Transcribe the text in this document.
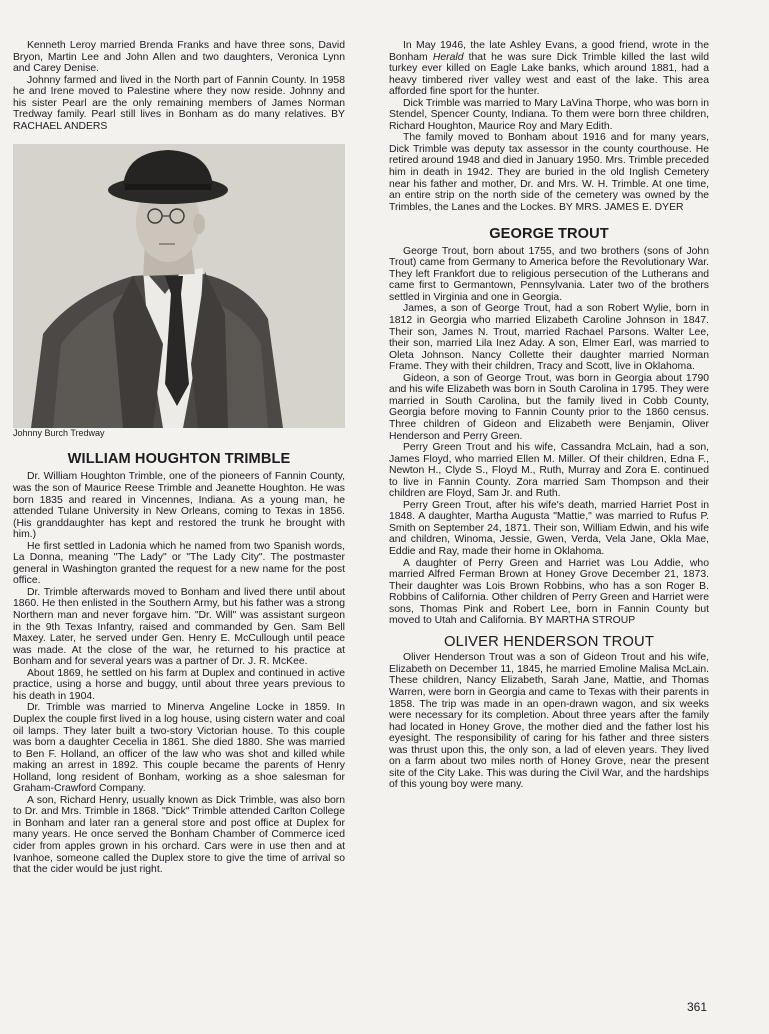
Kenneth Leroy married Brenda Franks and have three sons, David Bryon, Martin Lee and John Allen and two daughters, Veronica Lynn and Carey Denise.

Johnny farmed and lived in the North part of Fannin County. In 1958 he and Irene moved to Palestine where they now reside. Johnny and his sister Pearl are the only remaining members of James Norman Tredway family. Pearl still lives in Bonham as do many relatives. BY RACHAEL ANDERS

Johnny Burch Tredway

WILLIAM HOUGHTON TRIMBLE

Dr. William Houghton Trimble, one of the pioneers of Fannin County, was the son of Maurice Reese Trimble and Jeanette Houghton. He was born 1835 and reared in Vincennes, Indiana. As a young man, he attended Tulane University in New Orleans, coming to Texas in 1856. (His granddaughter has kept and restored the trunk he brought with him.)

He first settled in Ladonia which he named from two Spanish words, La Donna, meaning "The Lady" or "The Lady City". The postmaster general in Washington granted the request for a new name for the post office.

Dr. Trimble afterwards moved to Bonham and lived there until about 1860. He then enlisted in the Southern Army, but his father was a strong Northern man and never forgave him. "Dr. Will" was assistant surgeon in the 9th Texas Infantry, raised and commanded by Gen. Sam Bell Maxey. Later, he served under Gen. Henry E. McCullough until peace was made. At the close of the war, he returned to his practice at Bonham and for several years was a partner of Dr. J. R. McKee.

About 1869, he settled on his farm at Duplex and continued in active practice, using a horse and buggy, until about three years previous to his death in 1904.

Dr. Trimble was married to Minerva Angeline Locke in 1859. In Duplex the couple first lived in a log house, using cistern water and coal oil lamps. They later built a two-story Victorian house. To this couple was born a daughter Cecelia in 1861. She died 1880. She was married to Ben F. Holland, an officer of the law who was shot and killed while making an arrest in 1892. This couple became the parents of Henry Holland, long resident of Bonham, working as a shoe salesman for Graham-Crawford Company.

A son, Richard Henry, usually known as Dick Trimble, was also born to Dr. and Mrs. Trimble in 1868. "Dick" Trimble attended Carlton College in Bonham and later ran a general store and post office at Duplex for many years. He once served the Bonham Chamber of Commerce iced cider from apples grown in his orchard. Cars were in use then and at Ivanhoe, someone called the Duplex store to give the time of arrival so that the cider would be just right.

In May 1946, the late Ashley Evans, a good friend, wrote in the Bonham Herald that he was sure Dick Trimble killed the last wild turkey ever killed on Eagle Lake banks, which around 1881, had a heavy timbered river valley west and east of the lake. This area afforded fine sport for the hunter.

Dick Trimble was married to Mary LaVina Thorpe, who was born in Stendel, Spencer County, Indiana. To them were born three children, Richard Houghton, Maurice Roy and Mary Edith.

The family moved to Bonham about 1916 and for many years, Dick Trimble was deputy tax assessor in the county courthouse. He retired around 1948 and died in January 1950. Mrs. Trimble preceded him in death in 1942. They are buried in the old Inglish Cemetery near his father and mother, Dr. and Mrs. W. H. Trimble. At one time, an entire strip on the north side of the cemetery was owned by the Trimbles, the Lanes and the Lockes. BY MRS. JAMES E. DYER

GEORGE TROUT

George Trout, born about 1755, and two brothers (sons of John Trout) came from Germany to America before the Revolutionary War. They left Frankfort due to religious persecution of the Lutherans and came first to Germantown, Pennsylvania. Later two of the brothers settled in Virginia and one in Georgia.

James, a son of George Trout, had a son Robert Wylie, born in 1812 in Georgia who married Elizabeth Caroline Johnson in 1847. Their son, James N. Trout, married Rachael Parsons. Walter Lee, their son, married Lila Inez Aday. A son, Elmer Earl, was married to Oleta Johnson. Nancy Collette their daughter married Norman Frame. They with their children, Tracy and Scott, live in Oklahoma.

Gideon, a son of George Trout, was born in Georgia about 1790 and his wife Elizabeth was born in South Carolina in 1795. They were married in South Carolina, but the family lived in Cobb County, Georgia before moving to Fannin County prior to the 1860 census. Three children of Gideon and Elizabeth were Benjamin, Oliver Henderson and Perry Green.

Perry Green Trout and his wife, Cassandra McLain, had a son, James Floyd, who married Ellen M. Miller. Of their children, Edna F., Newton H., Clyde S., Floyd M., Ruth, Murray and Zora E. continued to live in Fannin County. Zora married Sam Thompson and their children are Floyd, Sam Jr. and Ruth.

Perry Green Trout, after his wife's death, married Harriet Post in 1848. A daughter, Martha Augusta "Mattie," was married to Rufus P. Smith on September 24, 1871. Their son, William Edwin, and his wife and children, Winoma, Jessie, Gwen, Verda, Vela Jane, Okla Mae, Eddie and Ray, made their home in Oklahoma.

A daughter of Perry Green and Harriet was Lou Addie, who married Alfred Ferman Brown at Honey Grove December 21, 1873. Their daughter was Lois Brown Robbins, who has a son Roger B. Robbins of California. Other children of Perry Green and Harriet were sons, Thomas Pink and Robert Lee, born in Fannin County but moved to Utah and California. BY MARTHA STROUP

OLIVER HENDERSON TROUT

Oliver Henderson Trout was a son of Gideon Trout and his wife, Elizabeth on December 11, 1845, he married Emoline Malisa McLain. These children, Nancy Elizabeth, Sarah Jane, Mattie, and Thomas Warren, were born in Georgia and came to Texas with their parents in 1858. The trip was made in an open-drawn wagon, and six weeks were necessary for its completion. About three years after the family had located in Honey Grove, the mother died and the father lost his eyesight. The responsibility of caring for his father and three sisters was thrust upon this, the only son, a lad of eleven years. They lived on a farm about two miles north of Honey Grove, near the present site of the City Lake. This was during the Civil War, and the hardships of this young boy were many.

361
